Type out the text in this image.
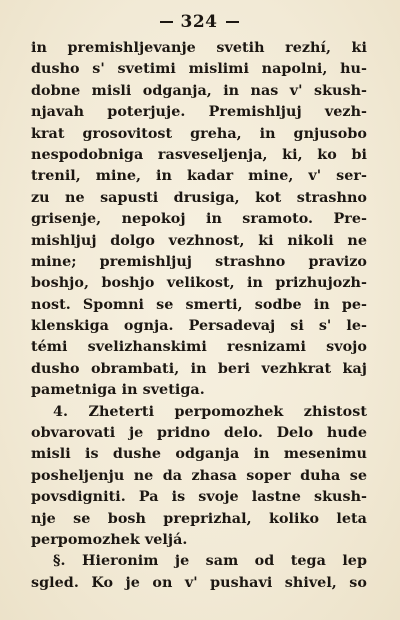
324
in premishljevanje svetih rezhí, ki
dusho s' svetimi mislimi napolni, hu-
dobne misli odganja, in nas v' skush-
njavah poterjuje. Premishljuj vezh-
krat grosovitost greha, in gnjusobo
nespodobniga rasveseljenja, ki, ko bi
trenil, mine, in kadar mine, v' ser-
zu ne sapusti drusiga, kot strashno
grisenje, nepokoj in sramoto. Pre-
mishljuj dolgo vezhnost, ki nikoli ne
mine; premishljuj strashno pravizo
boshjo, boshjo velikost, in prizhujozh-
nost. Spomni se smerti, sodbe in pe-
klenskiga ognja. Persadevaj si s' le-
témi svelizhanskimi resnizami svojo
dusho obrambati, in beri vezhkrat kaj
pametniga in svetiga.
4. Zheterti perpomozhek zhistost
obvarovati je pridno delo. Delo hude
misli is dushe odganja in mesenimu
posheljenju ne da zhasa soper duha se
povsdigniti. Pa is svoje lastne skush-
nje se bosh preprizhal, koliko leta
perpomozhek veljá.
§. Hieronim je sam od tega lep
sgled. Ko je on v' pushavi shivel, so
